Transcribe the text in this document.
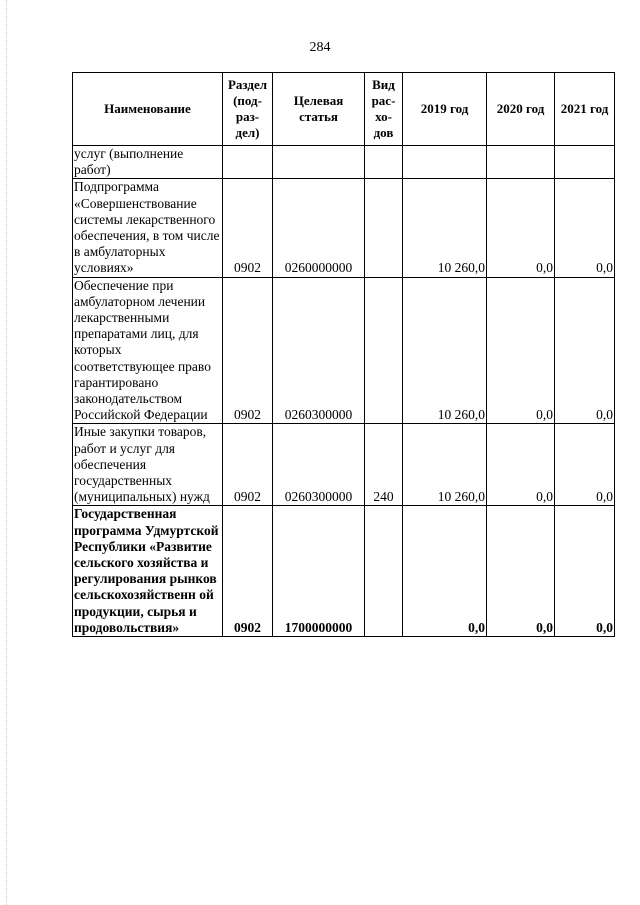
284
Наименование	Раздел (под-раз-дел)	Целевая статья	Вид рас-хо-дов	2019 год	2020 год	2021 год
услуг (выполнение работ)						
Подпрограмма «Совершенствование системы лекарственного обеспечения, в том числе в амбулаторных условиях»	0902	0260000000		10 260,0	0,0	0,0
Обеспечение при амбулаторном лечении лекарственными препаратами лиц, для которых соответствующее право гарантировано законодательством Российской Федерации	0902	0260300000		10 260,0	0,0	0,0
Иные закупки товаров, работ и услуг для обеспечения государственных (муниципальных) нужд	0902	0260300000	240	10 260,0	0,0	0,0
Государственная программа Удмуртской Республики «Развитие сельского хозяйства и регулирования рынков сельскохозяйственн ой продукции, сырья и продовольствия»	0902	1700000000		0,0	0,0	0,0
